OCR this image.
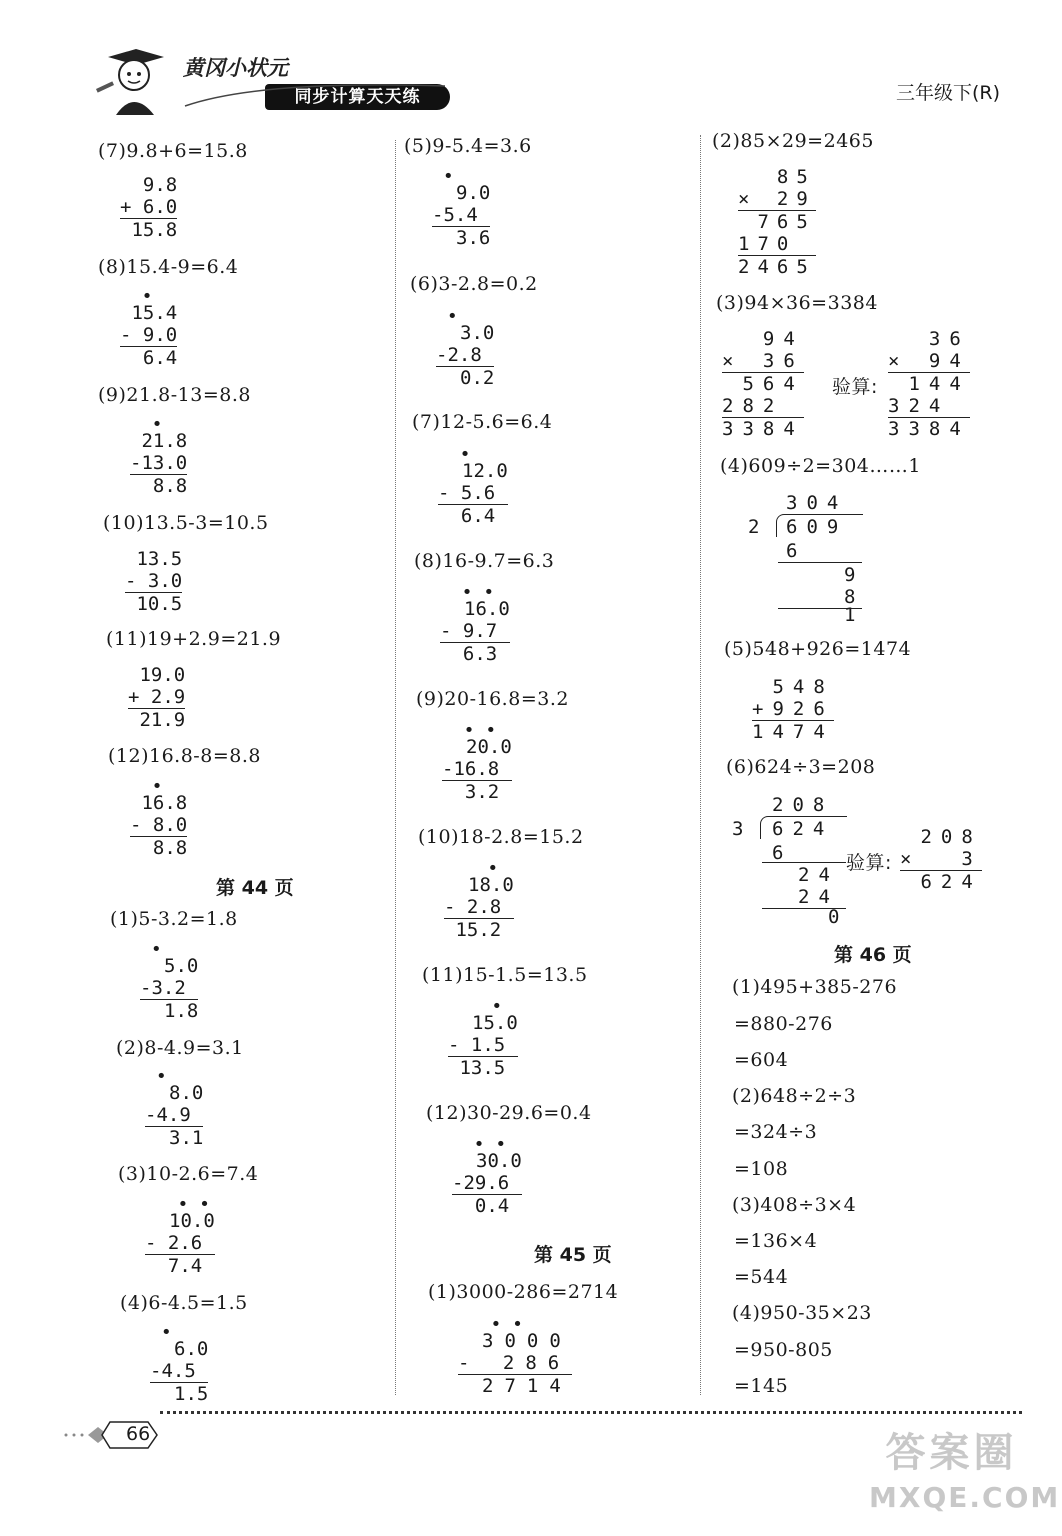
黄冈小状元
同步计算天天练	三年级下(R)
(7)9.8+6=15.8
9.8
+ 6.0
15.8
(8)15.4-9=6.4
•
15.4
- 9.0
6.4
(9)21.8-13=8.8
•
21.8
-13.0
8.8
(10)13.5-3=10.5
13.5
- 3.0
10.5
(11)19+2.9=21.9
19.0
+ 2.9
21.9
(12)16.8-8=8.8
•
16.8
- 8.0
8.8
第 44 页
(1)5-3.2=1.8
•
5.0
-3.2
1.8
(2)8-4.9=3.1
•
8.0
-4.9
3.1
(3)10-2.6=7.4
• •
10.0
- 2.6
7.4
(4)6-4.5=1.5
•
6.0
-4.5
1.5
(5)9-5.4=3.6
•
9.0
-5.4
3.6
(6)3-2.8=0.2
•
3.0
-2.8
0.2
(7)12-5.6=6.4
•
12.0
- 5.6
6.4
(8)16-9.7=6.3
• •
16.0
- 9.7
6.3
(9)20-16.8=3.2
• •
20.0
-16.8
3.2
(10)18-2.8=15.2
•
18.0
- 2.8
15.2
(11)15-1.5=13.5
•
15.0
- 1.5
13.5
(12)30-29.6=0.4
• •
30.0
-29.6
0.4
第 45 页
(1)3000-286=2714
• •
3000
- 286
2714
(2)85×29=2465
85
× 29
765
170
2465
(3)94×36=3384
94
× 36
564
282
3384
验算:
36
× 94
144
324
3384
(4)609÷2=304……1
304
2 609
6
9
8
1
(5)548+926=1474
548
+926
1474
(6)624÷3=208
208
3 624
6
24
24
0
验算:
208
×  3
624
第 46 页
(1)495+385-276
=880-276
=604
(2)648÷2÷3
=324÷3
=108
(3)408÷3×4
=136×4
=544
(4)950-35×23
=950-805
=145
66	答案圈
MXQE.COM
